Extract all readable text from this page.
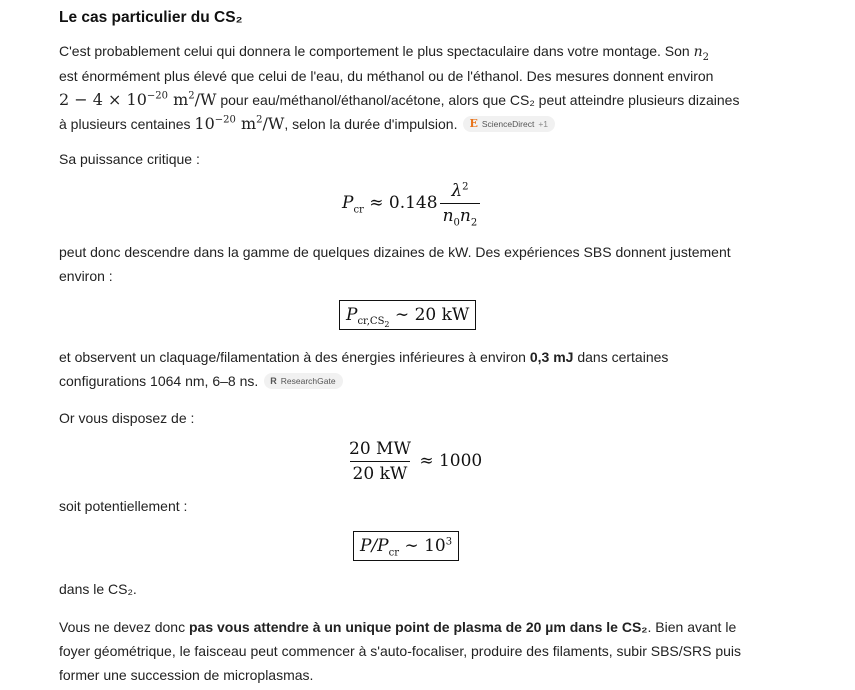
Le cas particulier du CS₂
C'est probablement celui qui donnera le comportement le plus spectaculaire dans votre montage. Son $n_2$
est énormément plus élevé que celui de l'eau, du méthanol ou de l'éthanol. Des mesures donnent environ
$2 - 4 \times 10^{-20}$ $m^2/W$ pour eau/méthanol/éthanol/acétone, alors que CS₂ peut atteindre plusieurs dizaines
à plusieurs centaines $10^{-20}$ $m^2/W$, selon la durée d'impulsion. E ScienceDirect +1
Sa puissance critique :
$P_{cr} \approx 0.148 \frac{\lambda^2}{n_0n_2}$
peut donc descendre dans la gamme de quelques dizaines de kW. Des expériences SBS donnent justement
environ :
$P_{cr,CS_2}$ ∼ 20 kW
et observent un claquage/filamentation à des énergies inférieures à environ 0,3 mJ dans certaines
configurations 1064 nm, 6–8 ns. R ResearchGate
Or vous disposez de :
$\frac{20 MW}{20 kW} \approx 1000$
soit potentiellement :
$P/P_{cr}$ ∼ $10^3$
dans le CS₂.
Vous ne devez donc pas vous attendre à un unique point de plasma de 20 µm dans le CS₂. Bien avant le
foyer géométrique, le faisceau peut commencer à s'auto-focaliser, produire des filaments, subir SBS/SRS puis
former une succession de microplasmas.
